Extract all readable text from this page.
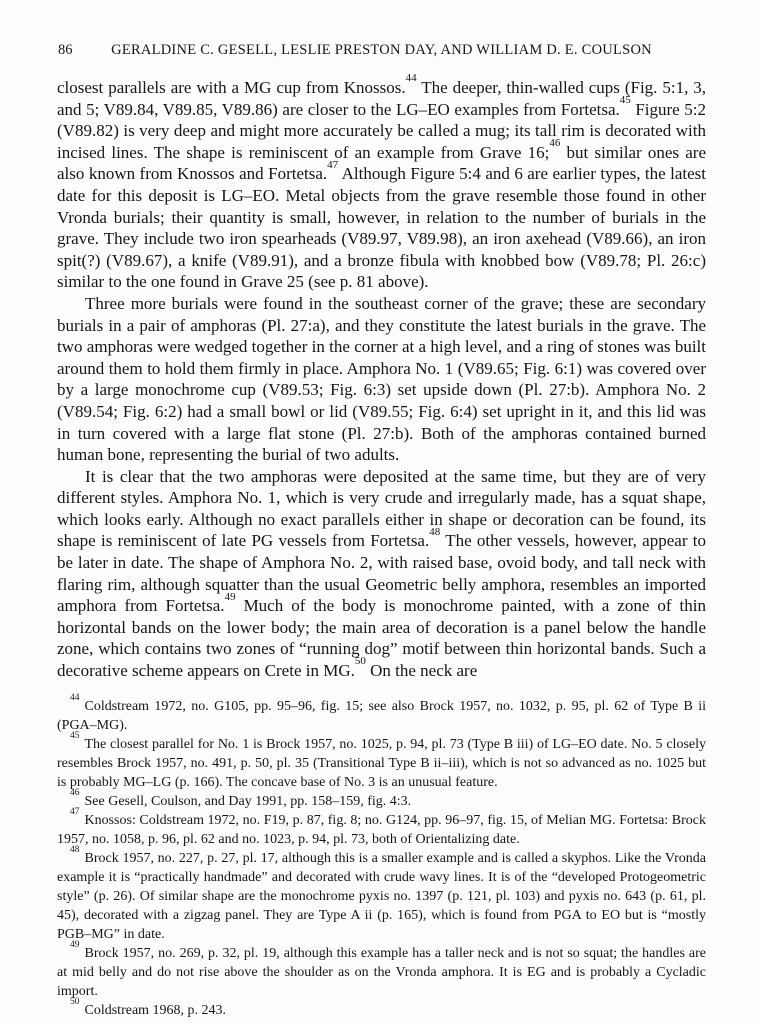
86	GERALDINE C. GESELL, LESLIE PRESTON DAY, AND WILLIAM D. E. COULSON

closest parallels are with a MG cup from Knossos.$^{44}$ The deeper, thin-walled cups (Fig. 5:1, 3, and 5; V89.84, V89.85, V89.86) are closer to the LG–EO examples from Fortetsa.$^{45}$ Figure 5:2 (V89.82) is very deep and might more accurately be called a mug; its tall rim is decorated with incised lines. The shape is reminiscent of an example from Grave 16;$^{46}$ but similar ones are also known from Knossos and Fortetsa.$^{47}$ Although Figure 5:4 and 6 are earlier types, the latest date for this deposit is LG–EO. Metal objects from the grave resemble those found in other Vronda burials; their quantity is small, however, in relation to the number of burials in the grave. They include two iron spearheads (V89.97, V89.98), an iron axehead (V89.66), an iron spit(?) (V89.67), a knife (V89.91), and a bronze fibula with knobbed bow (V89.78; Pl. 26:c) similar to the one found in Grave 25 (see p. 81 above).

Three more burials were found in the southeast corner of the grave; these are secondary burials in a pair of amphoras (Pl. 27:a), and they constitute the latest burials in the grave. The two amphoras were wedged together in the corner at a high level, and a ring of stones was built around them to hold them firmly in place. Amphora No. 1 (V89.65; Fig. 6:1) was covered over by a large monochrome cup (V89.53; Fig. 6:3) set upside down (Pl. 27:b). Amphora No. 2 (V89.54; Fig. 6:2) had a small bowl or lid (V89.55; Fig. 6:4) set upright in it, and this lid was in turn covered with a large flat stone (Pl. 27:b). Both of the amphoras contained burned human bone, representing the burial of two adults.

It is clear that the two amphoras were deposited at the same time, but they are of very different styles. Amphora No. 1, which is very crude and irregularly made, has a squat shape, which looks early. Although no exact parallels either in shape or decoration can be found, its shape is reminiscent of late PG vessels from Fortetsa.$^{48}$ The other vessels, however, appear to be later in date. The shape of Amphora No. 2, with raised base, ovoid body, and tall neck with flaring rim, although squatter than the usual Geometric belly amphora, resembles an imported amphora from Fortetsa.$^{49}$ Much of the body is monochrome painted, with a zone of thin horizontal bands on the lower body; the main area of decoration is a panel below the handle zone, which contains two zones of “running dog” motif between thin horizontal bands. Such a decorative scheme appears on Crete in MG.$^{50}$ On the neck are

$^{44}$Coldstream 1972, no. G105, pp. 95–96, fig. 15; see also Brock 1957, no. 1032, p. 95, pl. 62 of Type B ii (PGA–MG).

$^{45}$The closest parallel for No. 1 is Brock 1957, no. 1025, p. 94, pl. 73 (Type B iii) of LG–EO date. No. 5 closely resembles Brock 1957, no. 491, p. 50, pl. 35 (Transitional Type B ii–iii), which is not so advanced as no. 1025 but is probably MG–LG (p. 166). The concave base of No. 3 is an unusual feature.

$^{46}$See Gesell, Coulson, and Day 1991, pp. 158–159, fig. 4:3.

$^{47}$Knossos: Coldstream 1972, no. F19, p. 87, fig. 8; no. G124, pp. 96–97, fig. 15, of Melian MG. Fortetsa: Brock 1957, no. 1058, p. 96, pl. 62 and no. 1023, p. 94, pl. 73, both of Orientalizing date.

$^{48}$Brock 1957, no. 227, p. 27, pl. 17, although this is a smaller example and is called a skyphos. Like the Vronda example it is “practically handmade” and decorated with crude wavy lines. It is of the “developed Protogeometric style” (p. 26). Of similar shape are the monochrome pyxis no. 1397 (p. 121, pl. 103) and pyxis no. 643 (p. 61, pl. 45), decorated with a zigzag panel. They are Type A ii (p. 165), which is found from PGA to EO but is “mostly PGB–MG” in date.

$^{49}$Brock 1957, no. 269, p. 32, pl. 19, although this example has a taller neck and is not so squat; the handles are at mid belly and do not rise above the shoulder as on the Vronda amphora. It is EG and is probably a Cycladic import.

$^{50}$Coldstream 1968, p. 243.
